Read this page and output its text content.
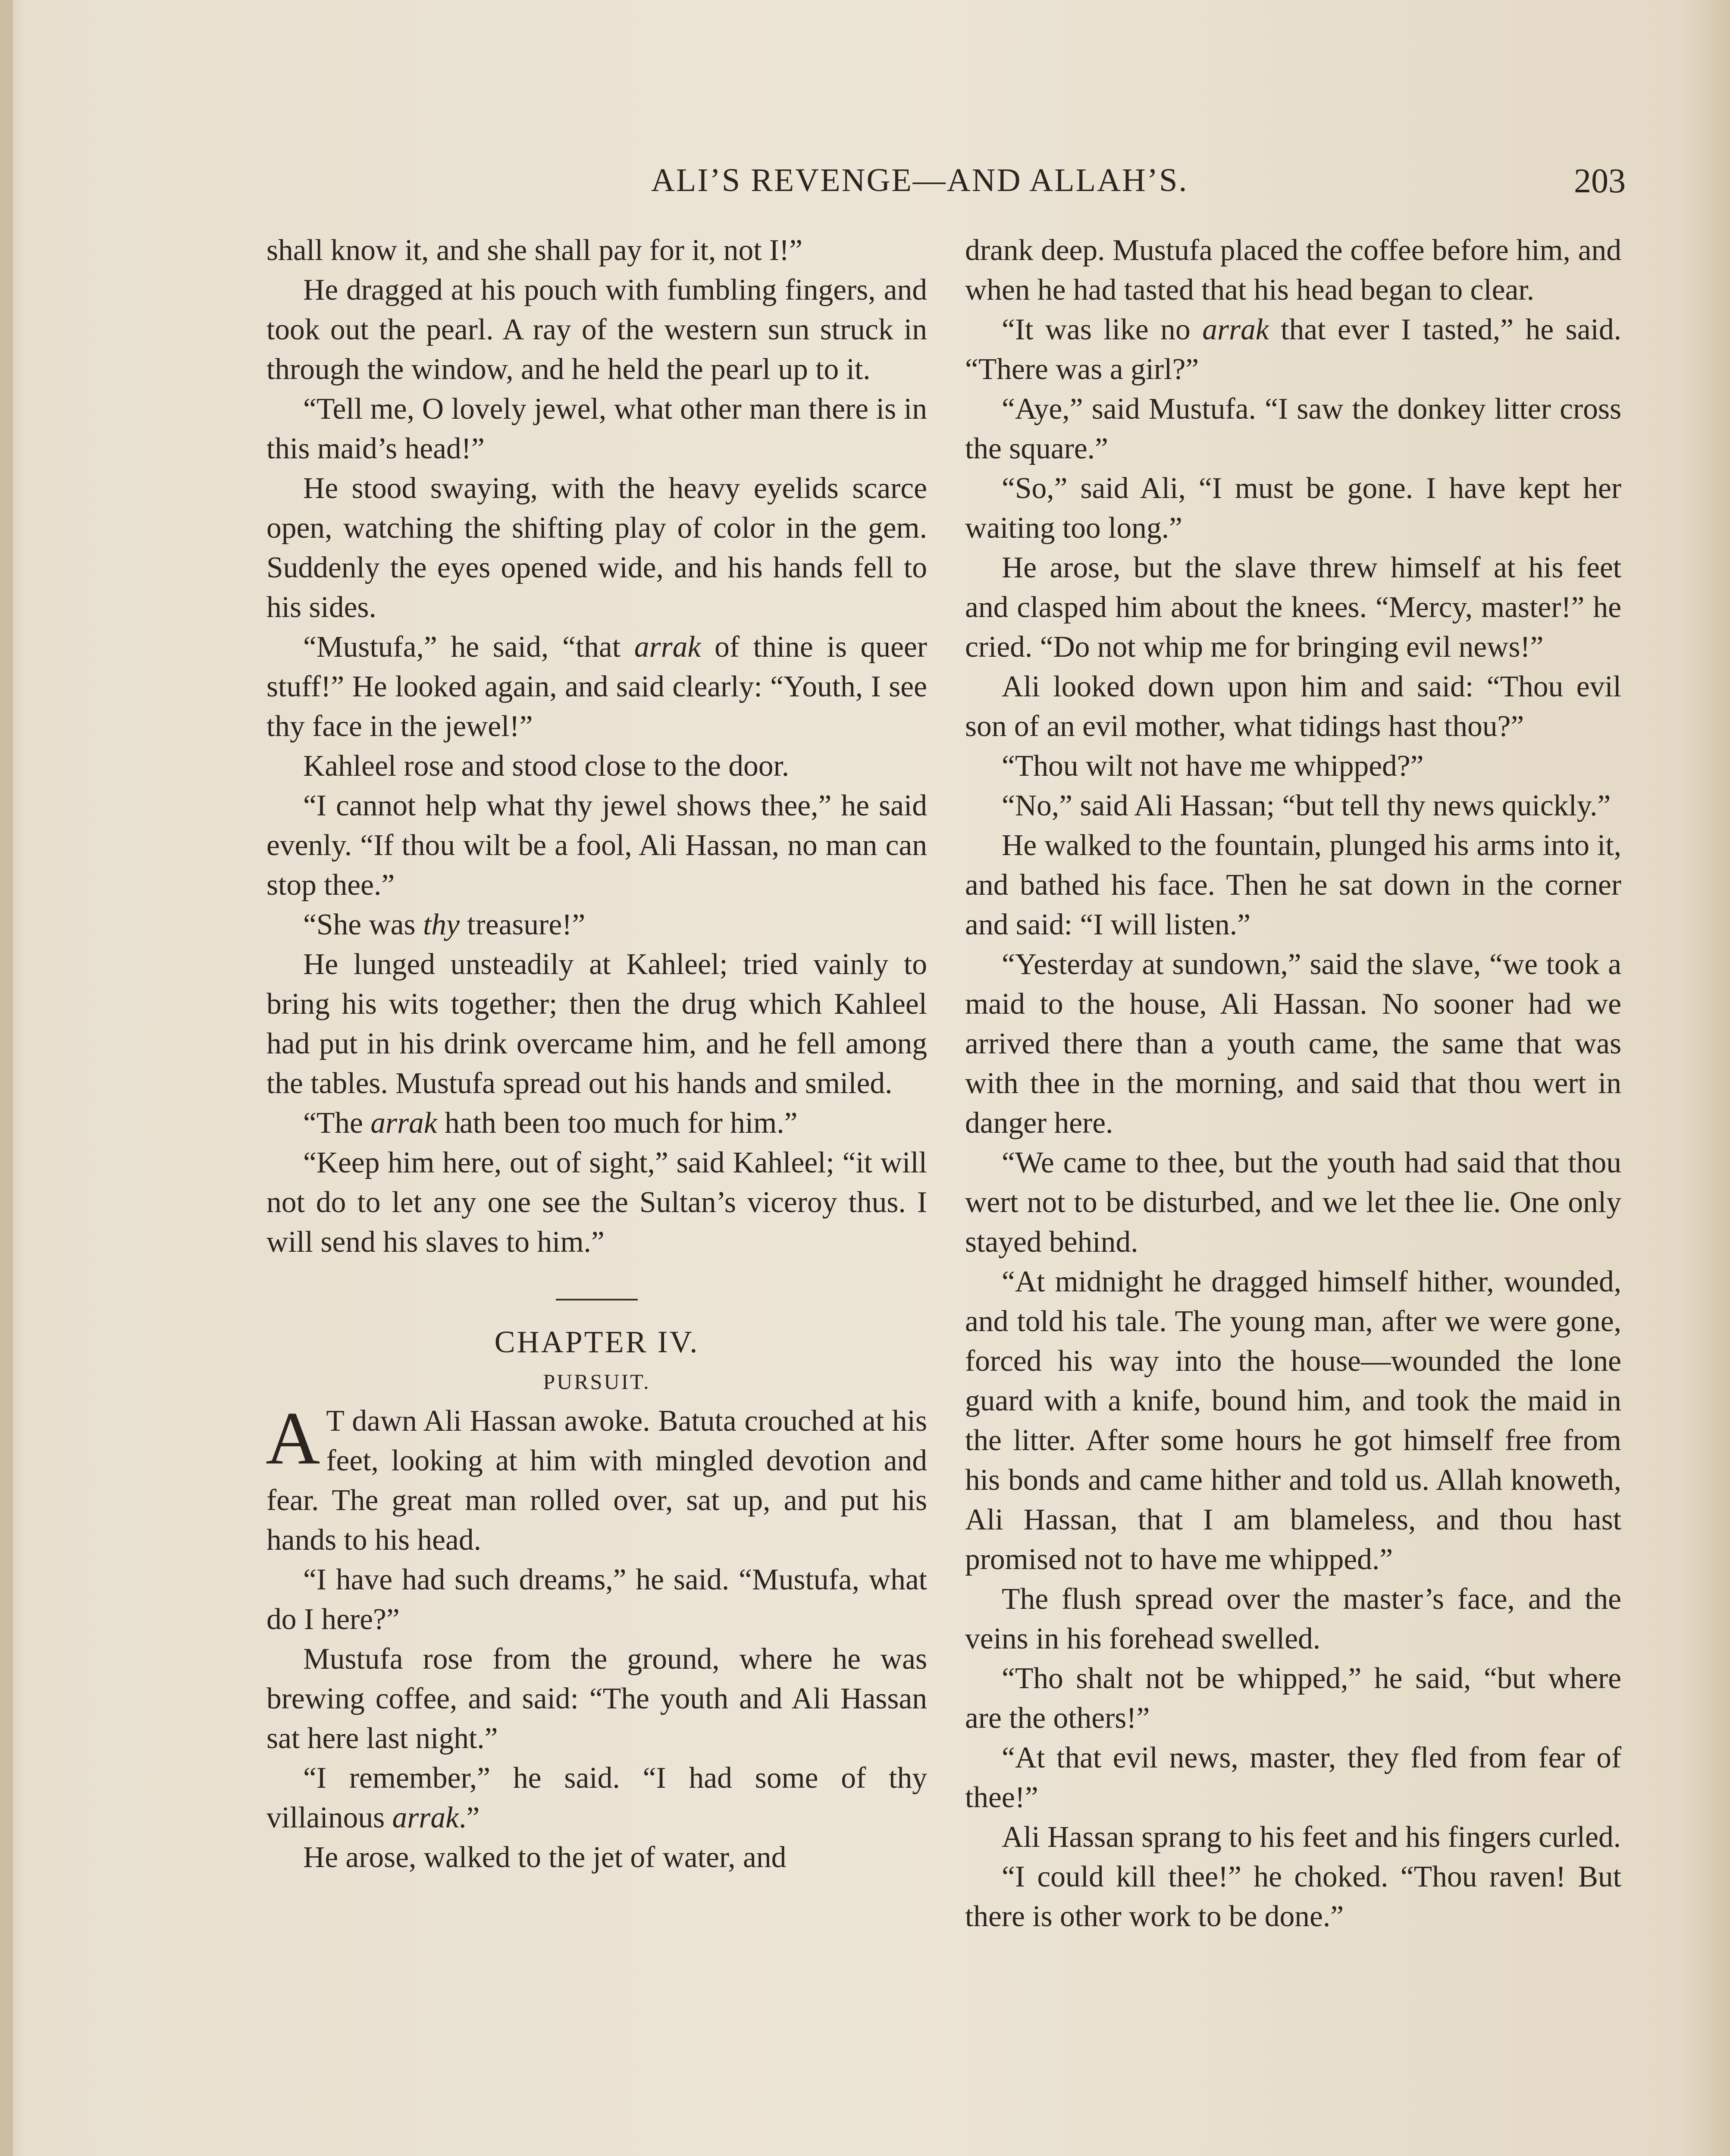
ALI’S REVENGE—AND ALLAH’S.	203

shall know it, and she shall pay for it, not I!”

He dragged at his pouch with fumbling fingers, and took out the pearl. A ray of the western sun struck in through the window, and he held the pearl up to it.

“Tell me, O lovely jewel, what other man there is in this maid’s head!”

He stood swaying, with the heavy eyelids scarce open, watching the shifting play of color in the gem. Suddenly the eyes opened wide, and his hands fell to his sides.

“Mustufa,” he said, “that arrak of thine is queer stuff!” He looked again, and said clearly: “Youth, I see thy face in the jewel!”

Kahleel rose and stood close to the door.

“I cannot help what thy jewel shows thee,” he said evenly. “If thou wilt be a fool, Ali Hassan, no man can stop thee.”

“She was thy treasure!”

He lunged unsteadily at Kahleel; tried vainly to bring his wits together; then the drug which Kahleel had put in his drink overcame him, and he fell among the tables. Mustufa spread out his hands and smiled.

“The arrak hath been too much for him.”

“Keep him here, out of sight,” said Kahleel; “it will not do to let any one see the Sultan’s viceroy thus. I will send his slaves to him.”

CHAPTER IV.

PURSUIT.

A T dawn Ali Hassan awoke. Batuta crouched at his feet, looking at him with mingled devotion and fear. The great man rolled over, sat up, and put his hands to his head.

“I have had such dreams,” he said. “Mustufa, what do I here?”

Mustufa rose from the ground, where he was brewing coffee, and said: “The youth and Ali Hassan sat here last night.”

“I remember,” he said. “I had some of thy villainous arrak.”

He arose, walked to the jet of water, and

drank deep. Mustufa placed the coffee before him, and when he had tasted that his head began to clear.

“It was like no arrak that ever I tasted,” he said. “There was a girl?”

“Aye,” said Mustufa. “I saw the donkey litter cross the square.”

“So,” said Ali, “I must be gone. I have kept her waiting too long.”

He arose, but the slave threw himself at his feet and clasped him about the knees. “Mercy, master!” he cried. “Do not whip me for bringing evil news!”

Ali looked down upon him and said: “Thou evil son of an evil mother, what tidings hast thou?”

“Thou wilt not have me whipped?”

“No,” said Ali Hassan; “but tell thy news quickly.”

He walked to the fountain, plunged his arms into it, and bathed his face. Then he sat down in the corner and said: “I will listen.”

“Yesterday at sundown,” said the slave, “we took a maid to the house, Ali Hassan. No sooner had we arrived there than a youth came, the same that was with thee in the morning, and said that thou wert in danger here.

“We came to thee, but the youth had said that thou wert not to be disturbed, and we let thee lie. One only stayed behind.

“At midnight he dragged himself hither, wounded, and told his tale. The young man, after we were gone, forced his way into the house—wounded the lone guard with a knife, bound him, and took the maid in the litter. After some hours he got himself free from his bonds and came hither and told us. Allah knoweth, Ali Hassan, that I am blameless, and thou hast promised not to have me whipped.”

The flush spread over the master’s face, and the veins in his forehead swelled.

“Tho shalt not be whipped,” he said, “but where are the others!”

“At that evil news, master, they fled from fear of thee!”

Ali Hassan sprang to his feet and his fingers curled.

“I could kill thee!” he choked. “Thou raven! But there is other work to be done.”
